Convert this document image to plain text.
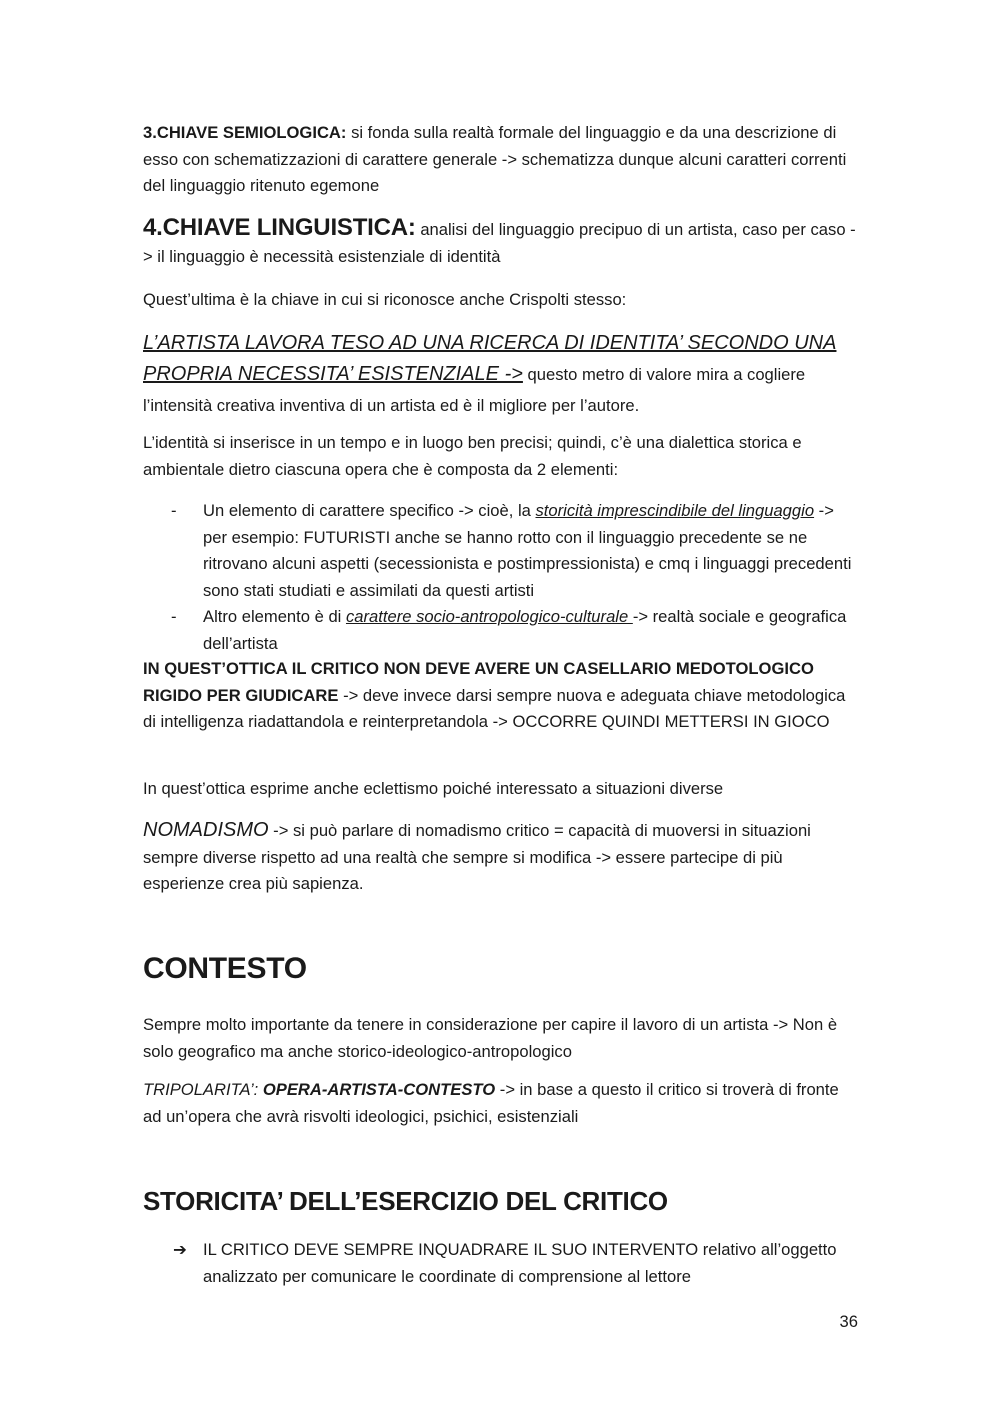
3.CHIAVE SEMIOLOGICA: si fonda sulla realtà formale del linguaggio e da una descrizione di esso con schematizzazioni di carattere generale -> schematizza dunque alcuni caratteri correnti del linguaggio ritenuto egemone

4.CHIAVE LINGUISTICA: analisi del linguaggio precipuo di un artista, caso per caso -> il linguaggio è necessità esistenziale di identità

Quest’ultima è la chiave in cui si riconosce anche Crispolti stesso:

L’ARTISTA LAVORA TESO AD UNA RICERCA DI IDENTITA’ SECONDO UNA PROPRIA NECESSITA’ ESISTENZIALE -> questo metro di valore mira a cogliere l’intensità creativa inventiva di un artista ed è il migliore per l’autore.

L’identità si inserisce in un tempo e in luogo ben precisi; quindi, c’è una dialettica storica e ambientale dietro ciascuna opera che è composta da 2 elementi:

- Un elemento di carattere specifico -> cioè, la storicità imprescindibile del linguaggio -> per esempio: FUTURISTI anche se hanno rotto con il linguaggio precedente se ne ritrovano alcuni aspetti (secessionista e postimpressionista) e cmq i linguaggi precedenti sono stati studiati e assimilati da questi artisti
- Altro elemento è di carattere socio-antropologico-culturale -> realtà sociale e geografica dell’artista

IN QUEST’OTTICA IL CRITICO NON DEVE AVERE UN CASELLARIO MEDOTOLOGICO RIGIDO PER GIUDICARE -> deve invece darsi sempre nuova e adeguata chiave metodologica di intelligenza riadattandola e reinterpretandola -> OCCORRE QUINDI METTERSI IN GIOCO

In quest’ottica esprime anche eclettismo poiché interessato a situazioni diverse

NOMADISMO -> si può parlare di nomadismo critico = capacità di muoversi in situazioni sempre diverse rispetto ad una realtà che sempre si modifica -> essere partecipe di più esperienze crea più sapienza.

CONTESTO

Sempre molto importante da tenere in considerazione per capire il lavoro di un artista -> Non è solo geografico ma anche storico-ideologico-antropologico

TRIPOLARITA’: OPERA-ARTISTA-CONTESTO -> in base a questo il critico si troverà di fronte ad un’opera che avrà risvolti ideologici, psichici, esistenziali

STORICITA’ DELL’ESERCIZIO DEL CRITICO
➔ IL CRITICO DEVE SEMPRE INQUADRARE IL SUO INTERVENTO relativo all’oggetto analizzato per comunicare le coordinate di comprensione al lettore
36
